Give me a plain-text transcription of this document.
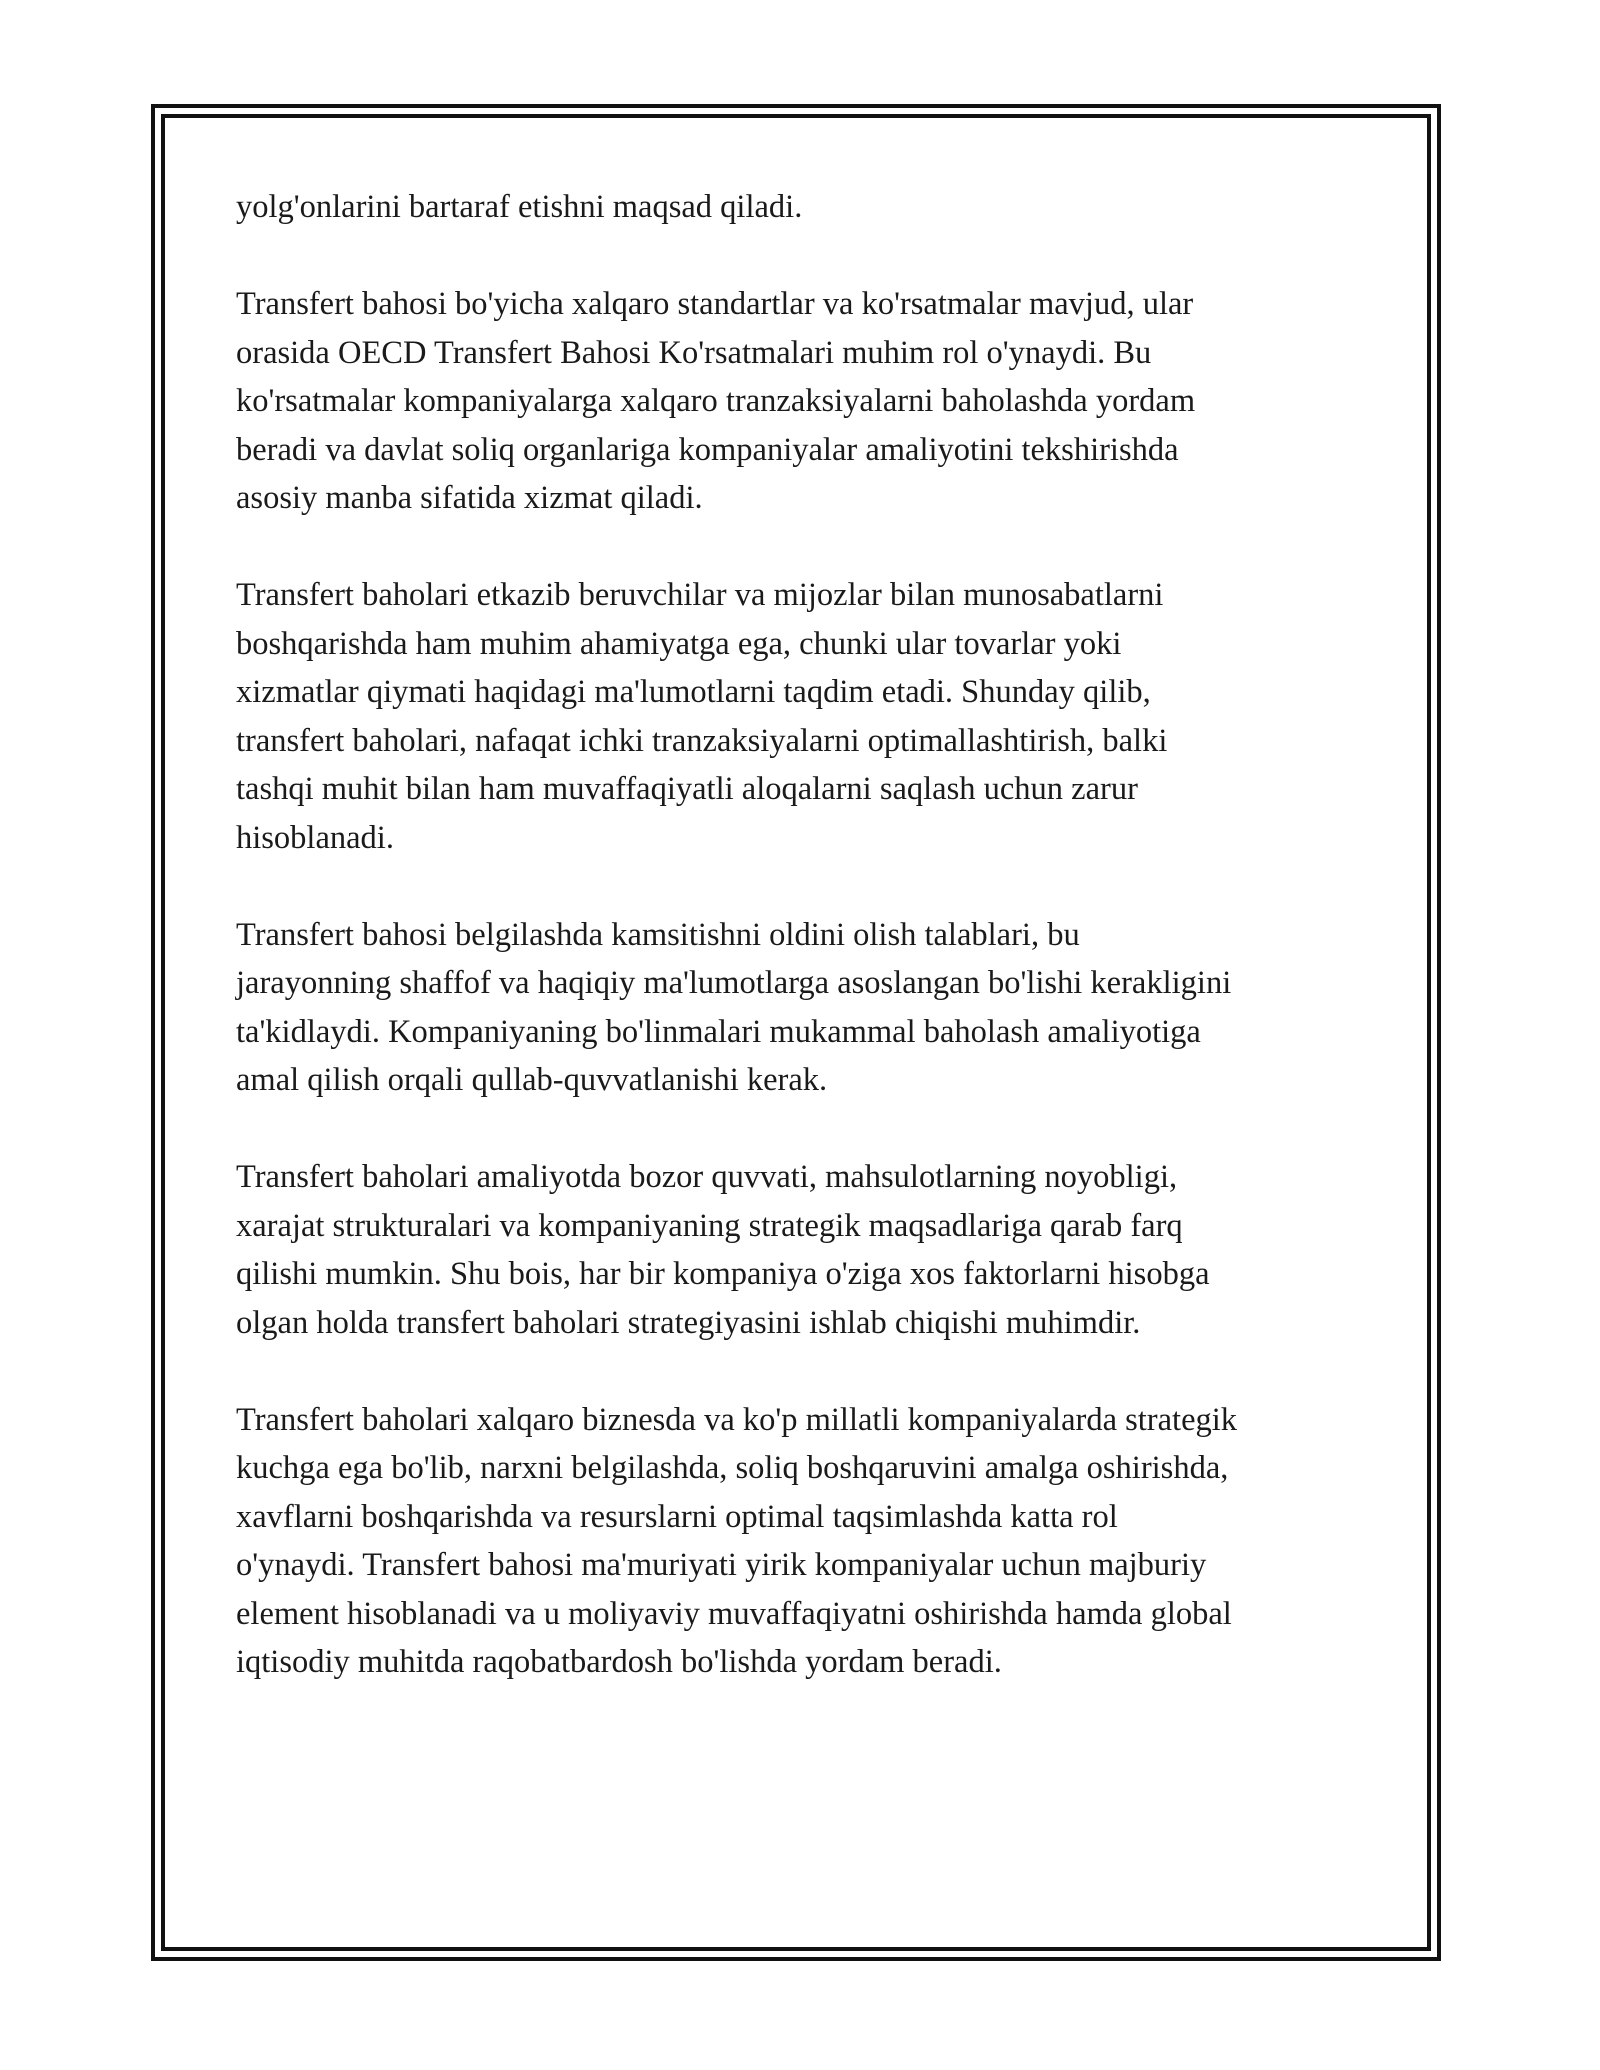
yolg'onlarini bartaraf etishni maqsad qiladi.

Transfert bahosi bo'yicha xalqaro standartlar va ko'rsatmalar mavjud, ular
orasida OECD Transfert Bahosi Ko'rsatmalari muhim rol o'ynaydi. Bu
ko'rsatmalar kompaniyalarga xalqaro tranzaksiyalarni baholashda yordam
beradi va davlat soliq organlariga kompaniyalar amaliyotini tekshirishda
asosiy manba sifatida xizmat qiladi.

Transfert baholari etkazib beruvchilar va mijozlar bilan munosabatlarni
boshqarishda ham muhim ahamiyatga ega, chunki ular tovarlar yoki
xizmatlar qiymati haqidagi ma'lumotlarni taqdim etadi. Shunday qilib,
transfert baholari, nafaqat ichki tranzaksiyalarni optimallashtirish, balki
tashqi muhit bilan ham muvaffaqiyatli aloqalarni saqlash uchun zarur
hisoblanadi.

Transfert bahosi belgilashda kamsitishni oldini olish talablari, bu
jarayonning shaffof va haqiqiy ma'lumotlarga asoslangan bo'lishi kerakligini
ta'kidlaydi. Kompaniyaning bo'linmalari mukammal baholash amaliyotiga
amal qilish orqali qullab-quvvatlanishi kerak.

Transfert baholari amaliyotda bozor quvvati, mahsulotlarning noyobligi,
xarajat strukturalari va kompaniyaning strategik maqsadlariga qarab farq
qilishi mumkin. Shu bois, har bir kompaniya o'ziga xos faktorlarni hisobga
olgan holda transfert baholari strategiyasini ishlab chiqishi muhimdir.

Transfert baholari xalqaro biznesda va ko'p millatli kompaniyalarda strategik
kuchga ega bo'lib, narxni belgilashda, soliq boshqaruvini amalga oshirishda,
xavflarni boshqarishda va resurslarni optimal taqsimlashda katta rol
o'ynaydi. Transfert bahosi ma'muriyati yirik kompaniyalar uchun majburiy
element hisoblanadi va u moliyaviy muvaffaqiyatni oshirishda hamda global
iqtisodiy muhitda raqobatbardosh bo'lishda yordam beradi.
